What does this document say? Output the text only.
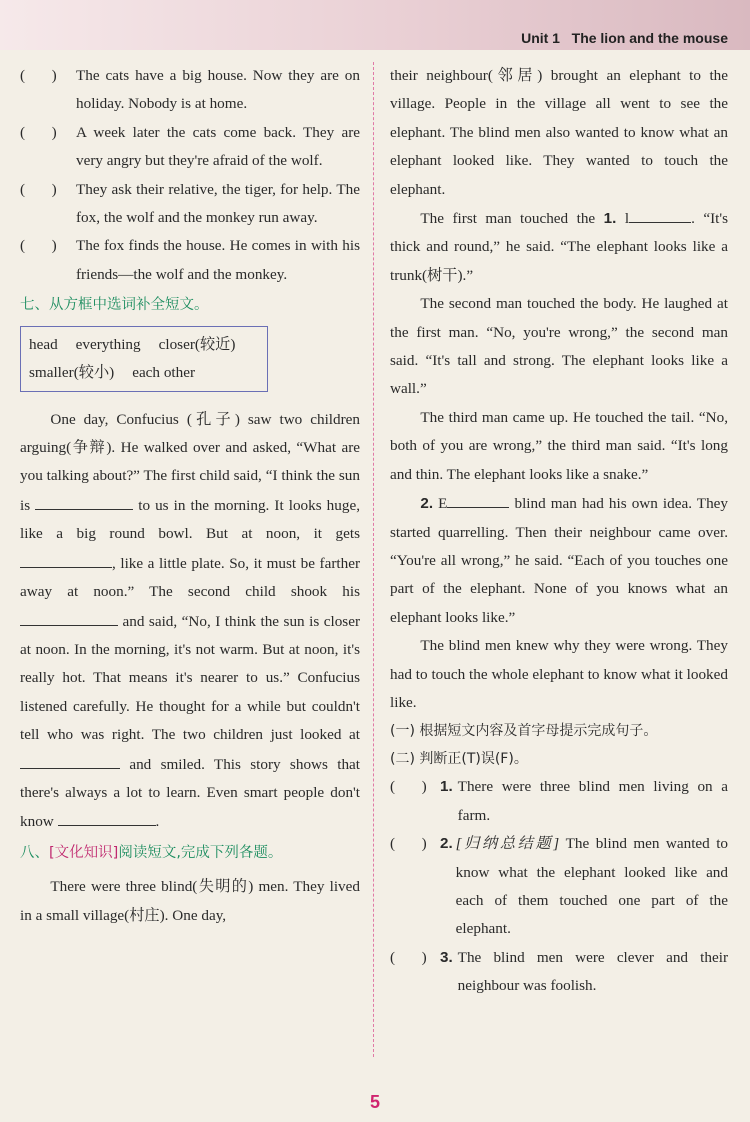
Unit 1 The lion and the mouse
(       )	The cats have a big house. Now they are on holiday. Nobody is at home.
(       )	A week later the cats come back. They are very angry but they're afraid of the wolf.
(       )	They ask their relative, the tiger, for help. The fox, the wolf and the monkey run away.
(       )	The fox finds the house. He comes in with his friends—the wolf and the monkey.
七、从方框中选词补全短文。
head everything closer(较近)
smaller(较小) each other

One day, Confucius (孔子) saw two children arguing(争辩). He walked over and asked, “What are you talking about?” The first child said, “I think the sun is	to us in the morning. It looks huge, like a big round bowl. But at noon, it gets , like a little plate. So, it must be farther away at noon.” The second child shook his  and said, “No, I think the sun is closer at noon. In the morning, it's not warm. But at noon, it's really hot. That means it's nearer to us.” Confucius listened carefully. He thought for a while but couldn't tell who was right. The two children just looked at  and smiled. This story shows that there's always a lot to learn. Even smart people don't know	.

八、[文化知识]阅读短文,完成下列各题。

There were three blind(失明的) men. They lived in a small village(村庄). One day,

their neighbour(邻居) brought an elephant to the village. People in the village all went to see the elephant. The blind men also wanted to know what an elephant looked like. They wanted to touch the elephant.

The first man touched the 1. l	. “It's thick and round,” he said. “The elephant looks like a trunk(树干).”

The second man touched the body. He laughed at the first man. “No, you're wrong,” the second man said. “It's tall and strong. The elephant looks like a wall.”

The third man came up. He touched the tail. “No, both of you are wrong,” the third man said. “It's long and thin. The elephant looks like a snake.”

2. E	blind man had his own idea. They started quarrelling. Then their neighbour came over. “You're all wrong,” he said. “Each of you touches one part of the elephant. None of you knows what an elephant looks like.”

The blind men knew why they were wrong. They had to touch the whole elephant to know what it looked like.

(一) 根据短文内容及首字母提示完成句子。
(二) 判断正(T)误(F)。
(       ) 1. There were three blind men living on a farm.
(       ) 2. [归纳总结题] The blind men wanted to know what the elephant looked like and each of them touched one part of the elephant.
(       ) 3. The blind men were clever and their neighbour was foolish.
5
